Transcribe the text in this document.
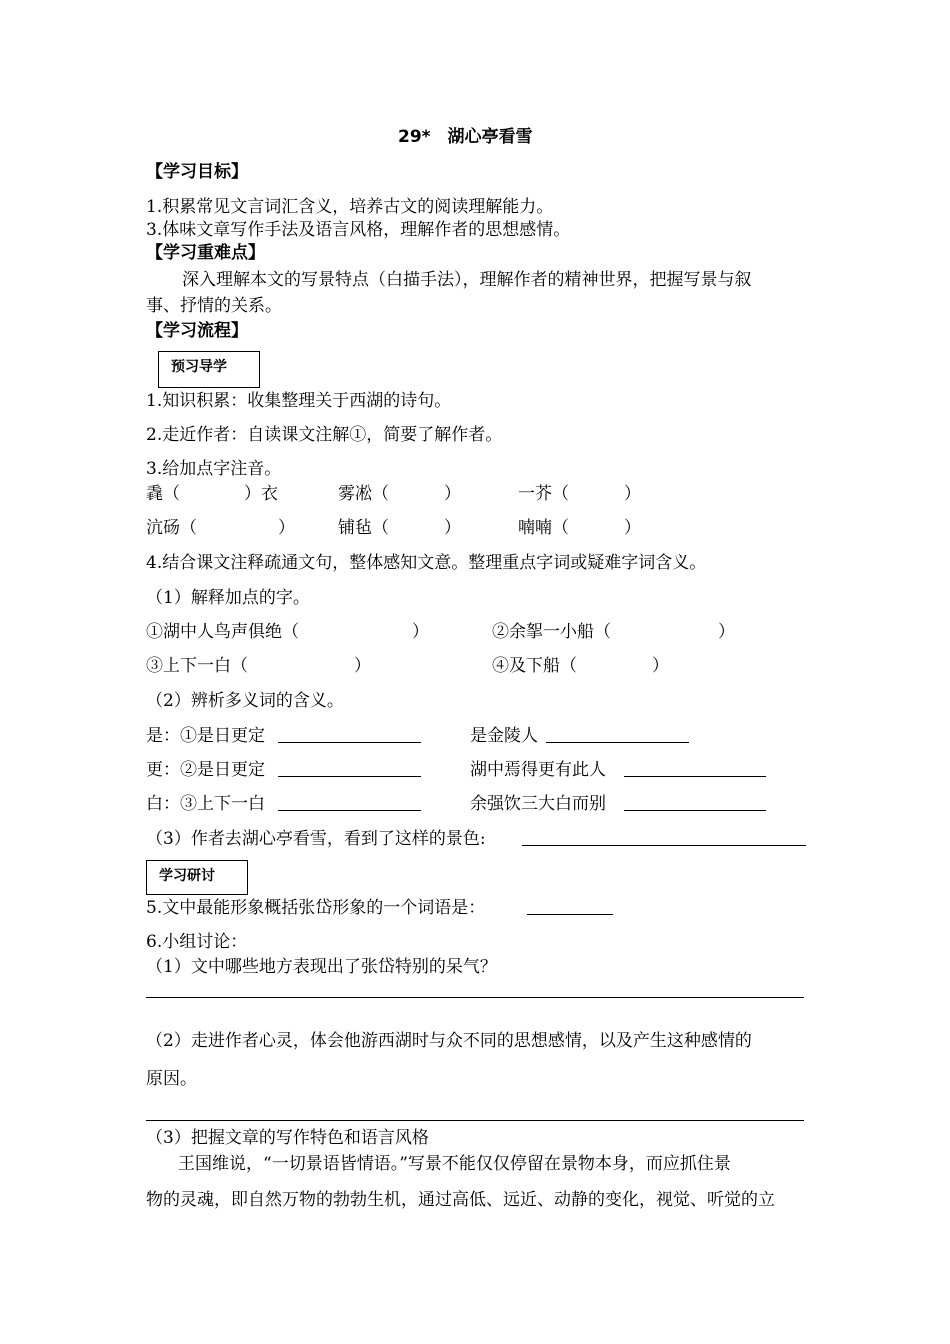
29*　湖心亭看雪
【学习目标】
1.积累常见文言词汇含义，培养古文的阅读理解能力。
3.体味文章写作手法及语言风格，理解作者的思想感情。
【学习重难点】
深入理解本文的写景特点（白描手法），理解作者的精神世界，把握写景与叙
事、抒情的关系。
【学习流程】
预习导学
1.知识积累：收集整理关于西湖的诗句。
2.走近作者：自读课文注解①，简要了解作者。
3.给加点字注音。
毳（	）衣	雾凇（	）	一芥（	）
沆砀（	）	铺毡（	）	喃喃（	）
4.结合课文注释疏通文句，整体感知文意。整理重点字词或疑难字词含义。
（1）解释加点的字。
①湖中人鸟声俱绝（	）	②余挐一小船（	）
③上下一白（	）	④及下船（	）
（2）辨析多义词的含义。
是：①是日更定	是金陵人
更：②是日更定	湖中焉得更有此人
白：③上下一白	余强饮三大白而别
（3）作者去湖心亭看雪，看到了这样的景色:
学习研讨
5.文中最能形象概括张岱形象的一个词语是：
6.小组讨论：
（1）文中哪些地方表现出了张岱特别的呆气？
（2）走进作者心灵，体会他游西湖时与众不同的思想感情，以及产生这种感情的
原因。
（3）把握文章的写作特色和语言风格
王国维说，“一切景语皆情语。”写景不能仅仅停留在景物本身，而应抓住景
物的灵魂，即自然万物的勃勃生机，通过高低、远近、动静的变化，视觉、听觉的立
